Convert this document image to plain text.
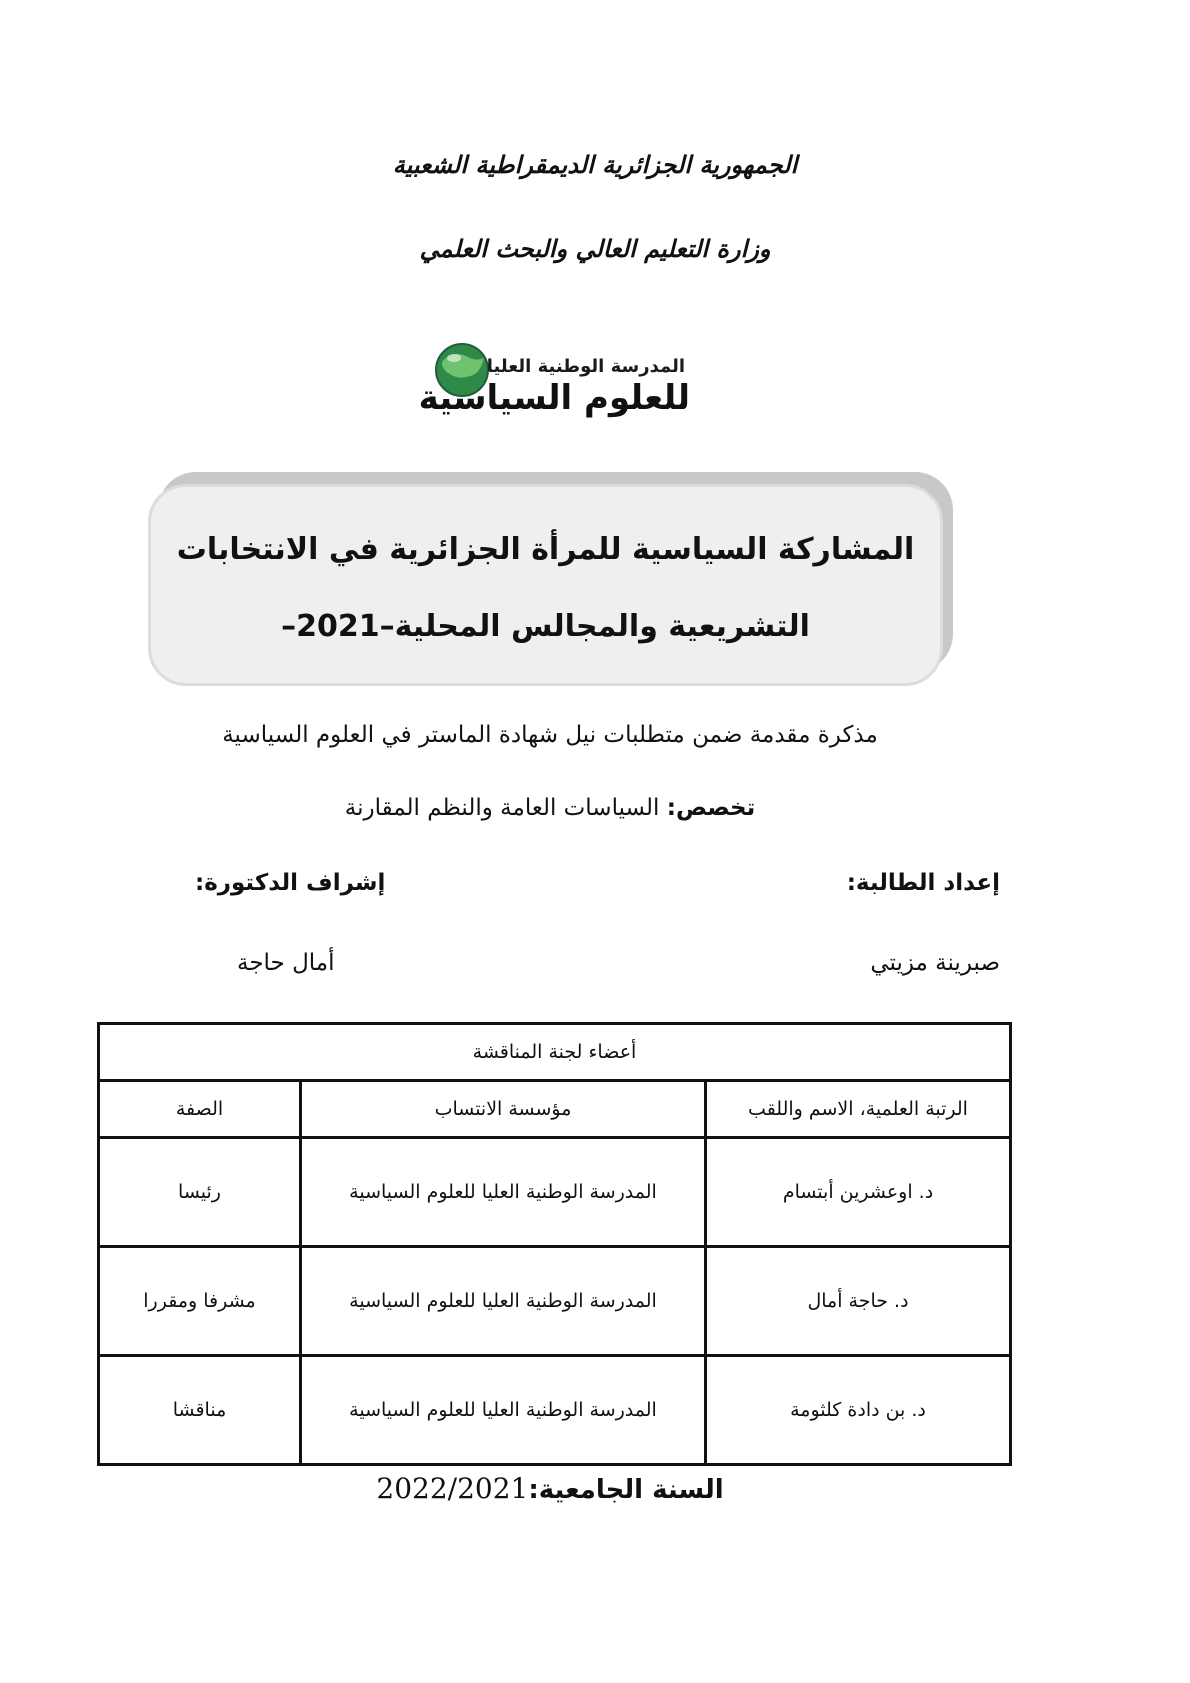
الجمهورية الجزائرية الديمقراطية الشعبية
وزارة التعليم العالي والبحث العلمي
المدرسة الوطنية العليا
للعلوم السياسية
المشاركة السياسية للمرأة الجزائرية في الانتخابات
التشريعية والمجالس المحلية–2021–
مذكرة مقدمة ضمن متطلبات نيل شهادة الماستر في العلوم السياسية
تخصص: السياسات العامة والنظم المقارنة
إعداد الطالبة:
إشراف الدكتورة:
صبرينة مزيتي
أمال حاجة
أعضاء لجنة المناقشة		
الرتبة العلمية، الاسم واللقب	مؤسسة الانتساب	الصفة
د. اوعشرين أبتسام	المدرسة الوطنية العليا للعلوم السياسية	رئيسا
د. حاجة أمال	المدرسة الوطنية العليا للعلوم السياسية	مشرفا ومقررا
د. بن دادة كلثومة	المدرسة الوطنية العليا للعلوم السياسية	مناقشا
السنة الجامعية:2022/2021
